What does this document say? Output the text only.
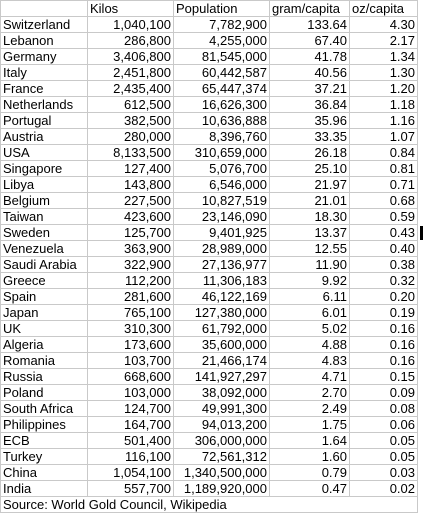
	Kilos	Population	gram/capita	oz/capita
Switzerland	1,040,100	7,782,900	133.64	4.30
Lebanon	286,800	4,255,000	67.40	2.17
Germany	3,406,800	81,545,000	41.78	1.34
Italy	2,451,800	60,442,587	40.56	1.30
France	2,435,400	65,447,374	37.21	1.20
Netherlands	612,500	16,626,300	36.84	1.18
Portugal	382,500	10,636,888	35.96	1.16
Austria	280,000	8,396,760	33.35	1.07
USA	8,133,500	310,659,000	26.18	0.84
Singapore	127,400	5,076,700	25.10	0.81
Libya	143,800	6,546,000	21.97	0.71
Belgium	227,500	10,827,519	21.01	0.68
Taiwan	423,600	23,146,090	18.30	0.59
Sweden	125,700	9,401,925	13.37	0.43
Venezuela	363,900	28,989,000	12.55	0.40
Saudi Arabia	322,900	27,136,977	11.90	0.38
Greece	112,200	11,306,183	9.92	0.32
Spain	281,600	46,122,169	6.11	0.20
Japan	765,100	127,380,000	6.01	0.19
UK	310,300	61,792,000	5.02	0.16
Algeria	173,600	35,600,000	4.88	0.16
Romania	103,700	21,466,174	4.83	0.16
Russia	668,600	141,927,297	4.71	0.15
Poland	103,000	38,092,000	2.70	0.09
South Africa	124,700	49,991,300	2.49	0.08
Philippines	164,700	94,013,200	1.75	0.06
ECB	501,400	306,000,000	1.64	0.05
Turkey	116,100	72,561,312	1.60	0.05
China	1,054,100	1,340,500,000	0.79	0.03
India	557,700	1,189,920,000	0.47	0.02
Source: World Gold Council, Wikipedia				
